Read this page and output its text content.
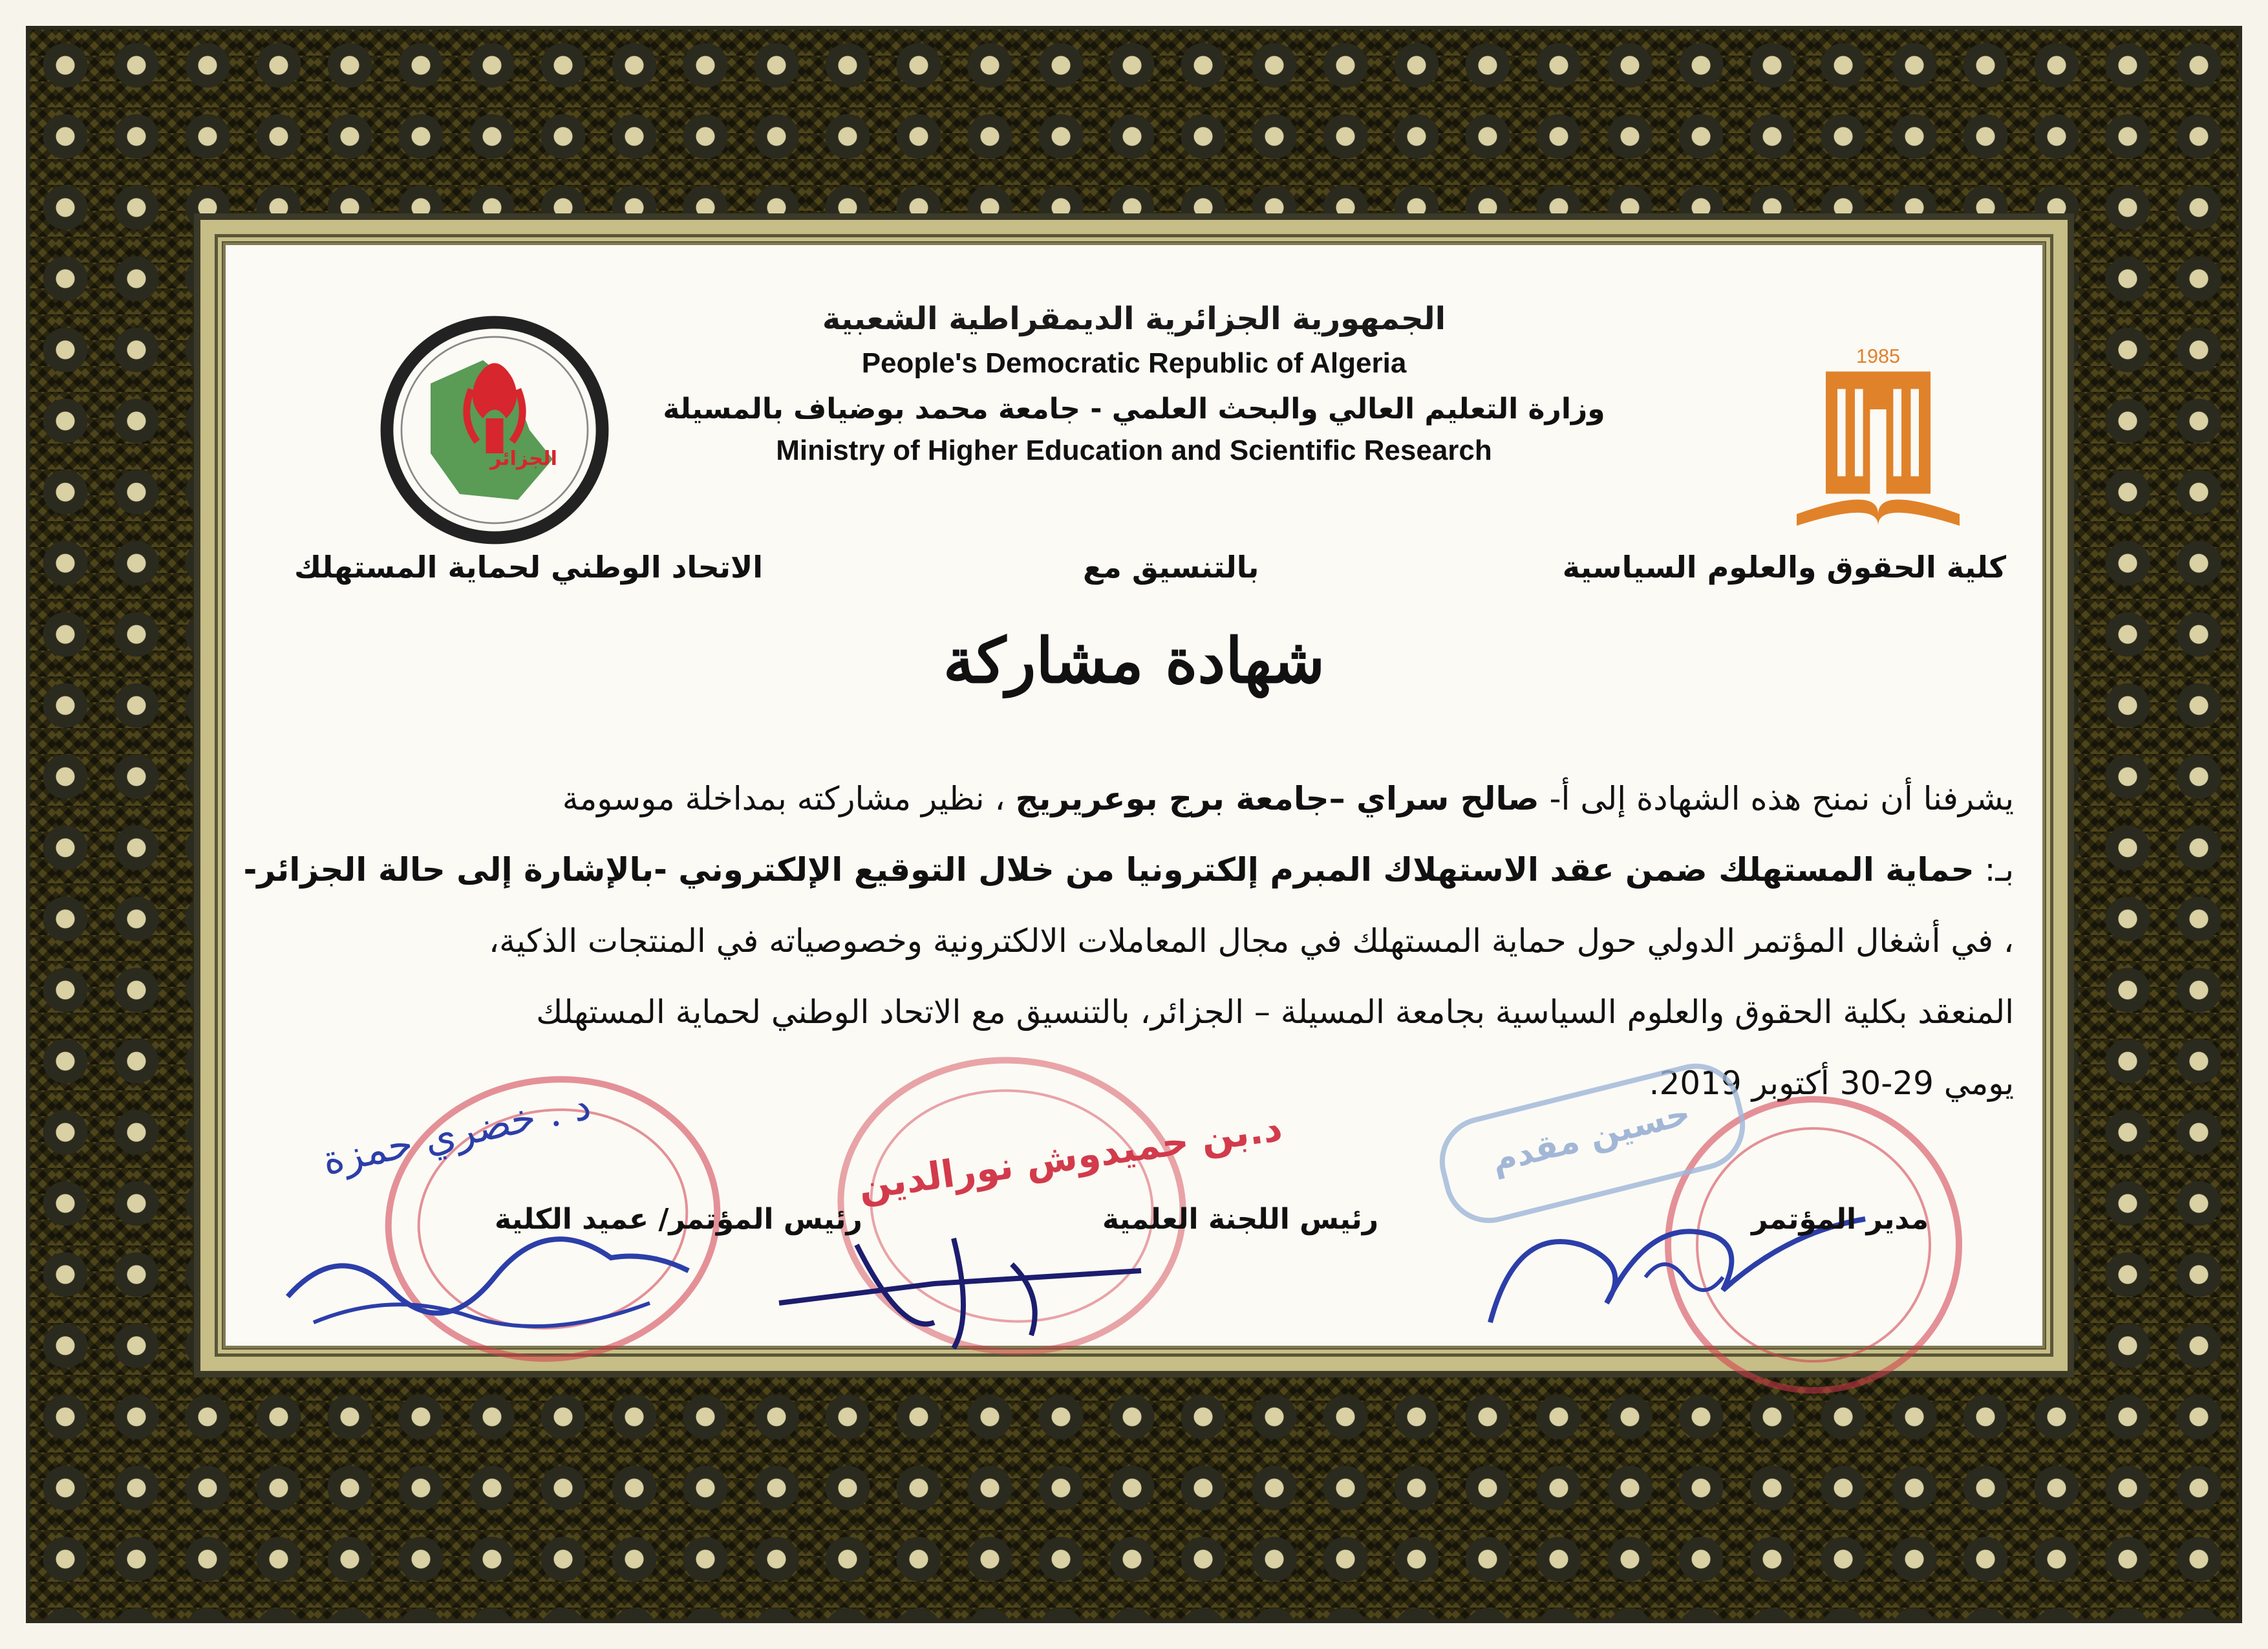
1985
الجزائر
الجمهورية الجزائرية الديمقراطية الشعبية
People's Democratic Republic of Algeria
وزارة التعليم العالي والبحث العلمي - جامعة محمد بوضياف بالمسيلة
Ministry of Higher Education and Scientific Research
كلية الحقوق والعلوم السياسية
بالتنسيق مع
الاتحاد الوطني لحماية المستهلك
شهادة مشاركة
يشرفنا أن نمنح هذه الشهادة إلى أ- صالح سراي –جامعة برج بوعريريج ، نظير مشاركته بمداخلة موسومة
بـ: حماية المستهلك ضمن عقد الاستهلاك المبرم إلكترونيا من خلال التوقيع الإلكتروني -بالإشارة إلى حالة الجزائر-
، في أشغال المؤتمر الدولي حول حماية المستهلك في مجال المعاملات الالكترونية وخصوصياته في المنتجات الذكية،
المنعقد بكلية الحقوق والعلوم السياسية بجامعة المسيلة – الجزائر، بالتنسيق مع الاتحاد الوطني لحماية المستهلك
يومي 29-30 أكتوبر 2019.
حسين مقدم
د.بن حميدوش نورالدين
د . خضري حمزة
مدير المؤتمر
رئيس اللجنة العلمية
رئيس المؤتمر/ عميد الكلية
